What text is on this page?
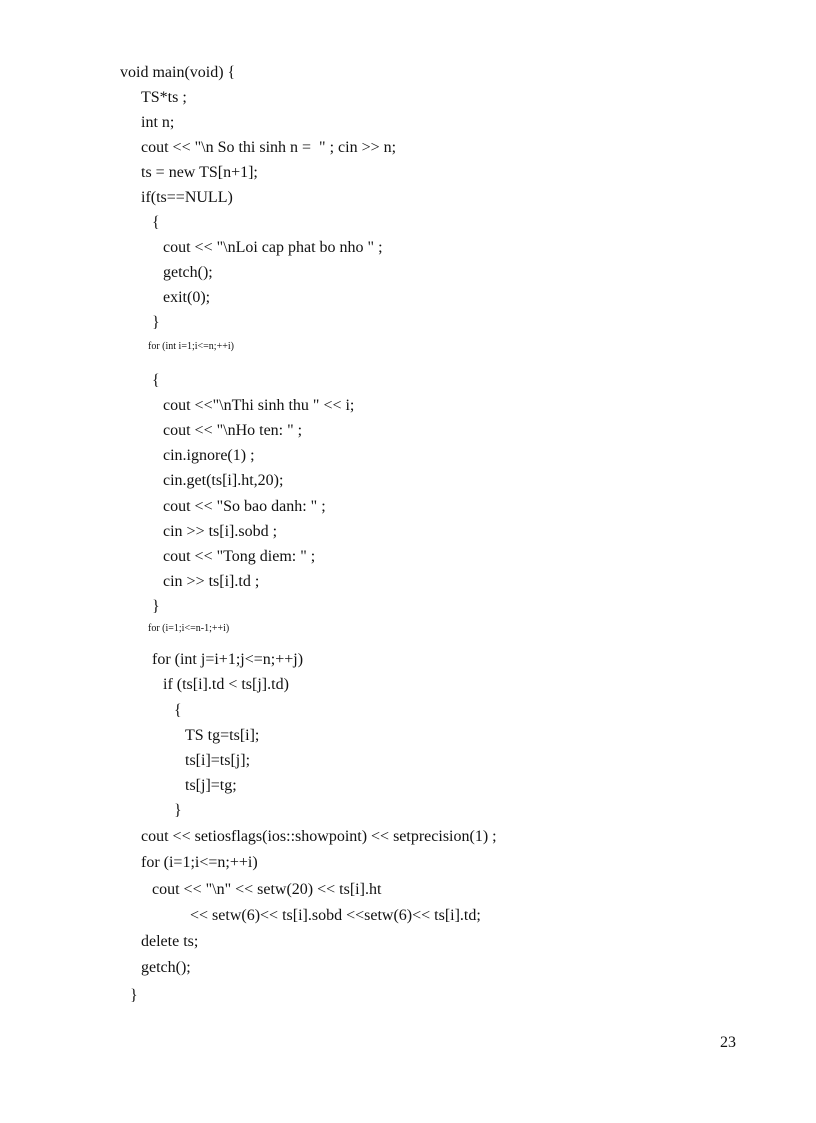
void main(void) {

TS*ts ;

int n;

cout << "\n So thi sinh n =  " ; cin >> n;

ts = new TS[n+1];

if(ts==NULL)

{

cout << "\nLoi cap phat bo nho " ;

getch();

exit(0);

}

for (int i=1;i<=n;++i)

{

cout <<"\nThi sinh thu " << i;

cout << "\nHo ten: " ;

cin.ignore(1) ;

cin.get(ts[i].ht,20);

cout << "So bao danh: " ;

cin >> ts[i].sobd ;

cout << "Tong diem: " ;

cin >> ts[i].td ;

}

for (i=1;i<=n-1;++i)

for (int j=i+1;j<=n;++j)

if (ts[i].td < ts[j].td)

{

TS tg=ts[i];

ts[i]=ts[j];

ts[j]=tg;

}

cout << setiosflags(ios::showpoint) << setprecision(1) ;

for (i=1;i<=n;++i)

cout << "\n" << setw(20) << ts[i].ht

<< setw(6)<< ts[i].sobd <<setw(6)<< ts[i].td;

delete ts;

getch();

}

23
